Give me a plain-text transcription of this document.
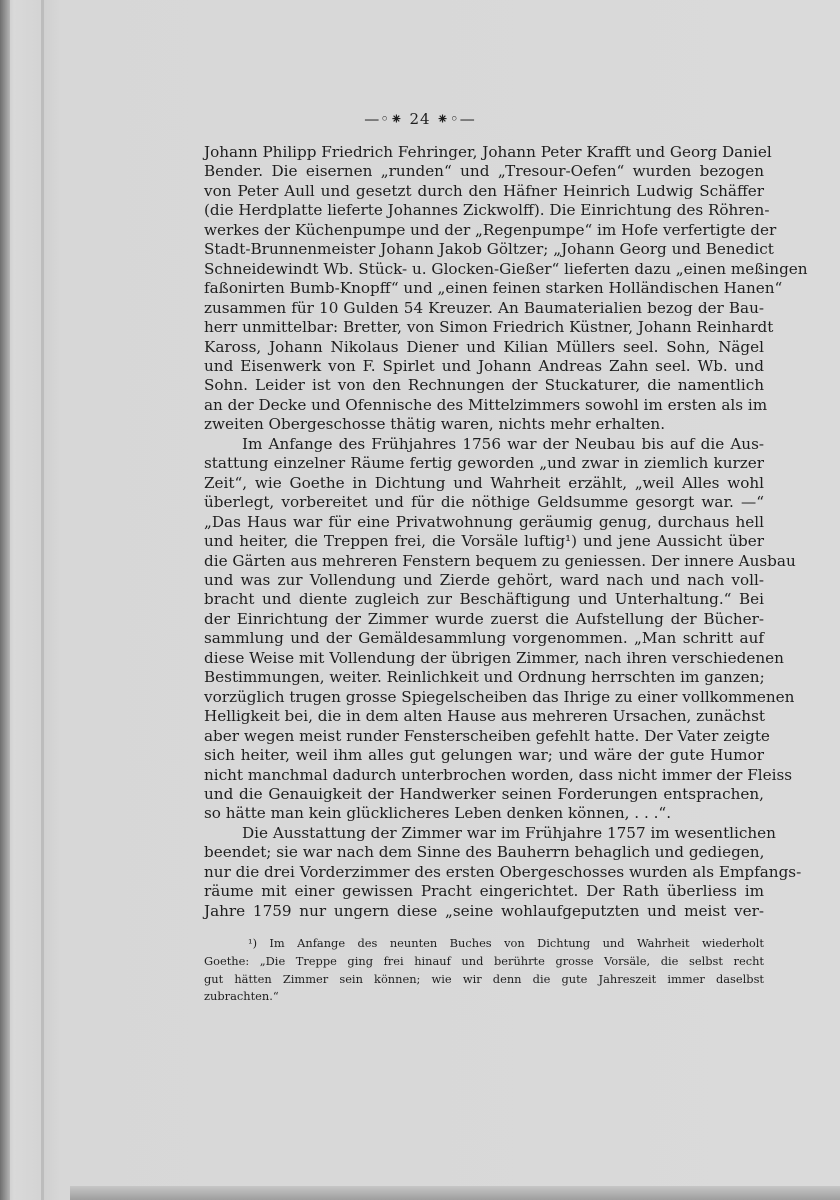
—◦⁕ 24 ⁕◦—
Johann Philipp Friedrich Fehringer, Johann Peter Krafft und Georg Daniel
Bender. Die eisernen „runden“ und „Tresour-Oefen“ wurden bezogen
von Peter Aull und gesetzt durch den Häfner Heinrich Ludwig Schäffer
(die Herdplatte lieferte Johannes Zickwolff). Die Einrichtung des Röhren-
werkes der Küchenpumpe und der „Regenpumpe“ im Hofe verfertigte der
Stadt-Brunnenmeister Johann Jakob Göltzer; „Johann Georg und Benedict
Schneidewindt Wb. Stück- u. Glocken-Gießer“ lieferten dazu „einen meßingen
faßonirten Bumb-Knopff“ und „einen feinen starken Holländischen Hanen“
zusammen für 10 Gulden 54 Kreuzer. An Baumaterialien bezog der Bau-
herr unmittelbar: Bretter, von Simon Friedrich Küstner, Johann Reinhardt
Kaross, Johann Nikolaus Diener und Kilian Müllers seel. Sohn, Nägel
und Eisenwerk von F. Spirlet und Johann Andreas Zahn seel. Wb. und
Sohn. Leider ist von den Rechnungen der Stuckaturer, die namentlich
an der Decke und Ofennische des Mittelzimmers sowohl im ersten als im
zweiten Obergeschosse thätig waren, nichts mehr erhalten.
Im Anfange des Frühjahres 1756 war der Neubau bis auf die Aus-
stattung einzelner Räume fertig geworden „und zwar in ziemlich kurzer
Zeit“, wie Goethe in Dichtung und Wahrheit erzählt, „weil Alles wohl
überlegt, vorbereitet und für die nöthige Geldsumme gesorgt war. —“
„Das Haus war für eine Privatwohnung geräumig genug, durchaus hell
und heiter, die Treppen frei, die Vorsäle luftig¹) und jene Aussicht über
die Gärten aus mehreren Fenstern bequem zu geniessen. Der innere Ausbau
und was zur Vollendung und Zierde gehört, ward nach und nach voll-
bracht und diente zugleich zur Beschäftigung und Unterhaltung.“ Bei
der Einrichtung der Zimmer wurde zuerst die Aufstellung der Bücher-
sammlung und der Gemäldesammlung vorgenommen. „Man schritt auf
diese Weise mit Vollendung der übrigen Zimmer, nach ihren verschiedenen
Bestimmungen, weiter. Reinlichkeit und Ordnung herrschten im ganzen;
vorzüglich trugen grosse Spiegelscheiben das Ihrige zu einer vollkommenen
Helligkeit bei, die in dem alten Hause aus mehreren Ursachen, zunächst
aber wegen meist runder Fensterscheiben gefehlt hatte. Der Vater zeigte
sich heiter, weil ihm alles gut gelungen war; und wäre der gute Humor
nicht manchmal dadurch unterbrochen worden, dass nicht immer der Fleiss
und die Genauigkeit der Handwerker seinen Forderungen entsprachen,
so hätte man kein glücklicheres Leben denken können, . . .“.
Die Ausstattung der Zimmer war im Frühjahre 1757 im wesentlichen
beendet; sie war nach dem Sinne des Bauherrn behaglich und gediegen,
nur die drei Vorderzimmer des ersten Obergeschosses wurden als Empfangs-
räume mit einer gewissen Pracht eingerichtet. Der Rath überliess im
Jahre 1759 nur ungern diese „seine wohlaufgeputzten und meist ver-
¹) Im Anfange des neunten Buches von Dichtung und Wahrheit wiederholt
Goethe: „Die Treppe ging frei hinauf und berührte grosse Vorsäle, die selbst recht
gut hätten Zimmer sein können; wie wir denn die gute Jahreszeit immer daselbst
zubrachten.“
